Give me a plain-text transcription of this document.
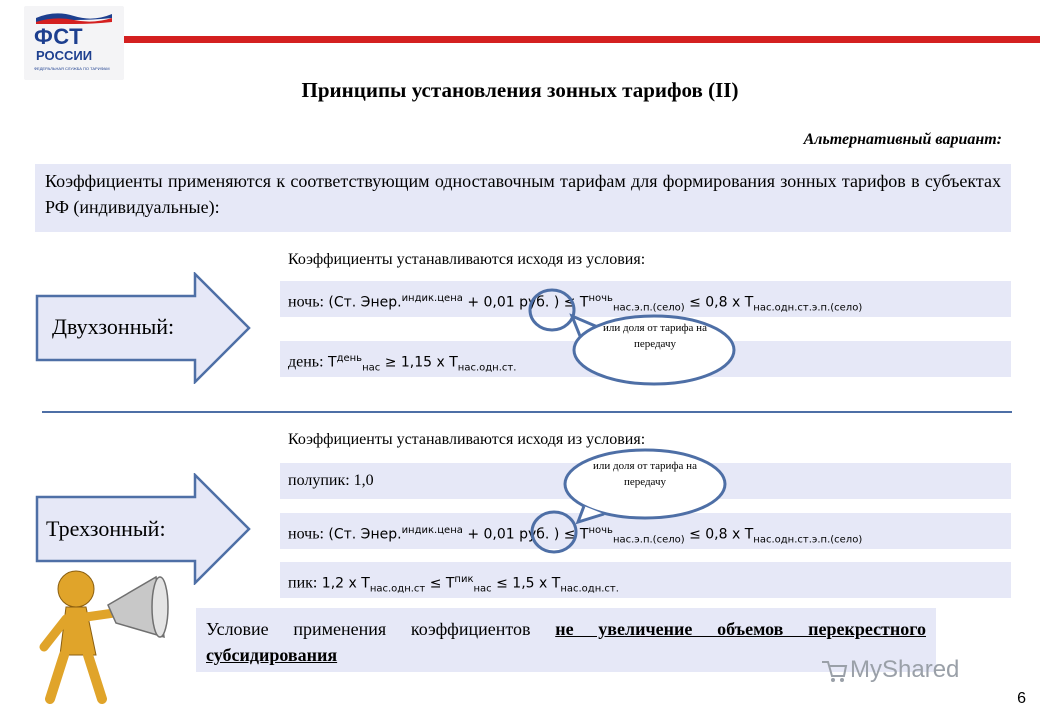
ФСТ
РОССИИ
ФЕДЕРАЛЬНАЯ СЛУЖБА ПО ТАРИФАМ
Принципы установления зонных тарифов (II)
Альтернативный вариант:
Коэффициенты применяются к соответствующим одноставочным тарифам для формирования зонных тарифов в субъектах РФ (индивидуальные):
Двухзонный:
Коэффициенты устанавливаются исходя из условия:
ночь: (Ст. Энер.$^{индик.цена}$ + 0,01 руб. ) ≤ $T^{ночь}_{нас.э.п.(село)} \le 0,8$ x $T_{нас.одн.ст.э.п.(село)}$
день: $T^{день}_{нас} \ge 1,15$ x $T_{нас.одн.ст.}$
или доля от тарифа на передачу
Коэффициенты устанавливаются исходя из условия:
полупик: 1,0
ночь: (Ст. Энер.$^{индик.цена}$ + 0,01 руб. ) ≤ $T^{ночь}_{нас.э.п.(село)} \le 0,8$ x $T_{нас.одн.ст.э.п.(село)}$
пик: 1,2 x $T_{нас.одн.ст} \le T^{пик}_{нас} \le 1,5$ x $T_{нас.одн.ст.}$
или доля от тарифа на передачу
Трехзонный:
Условие применения коэффициентов не увеличение объемов перекрестного субсидирования
MyShared
6
